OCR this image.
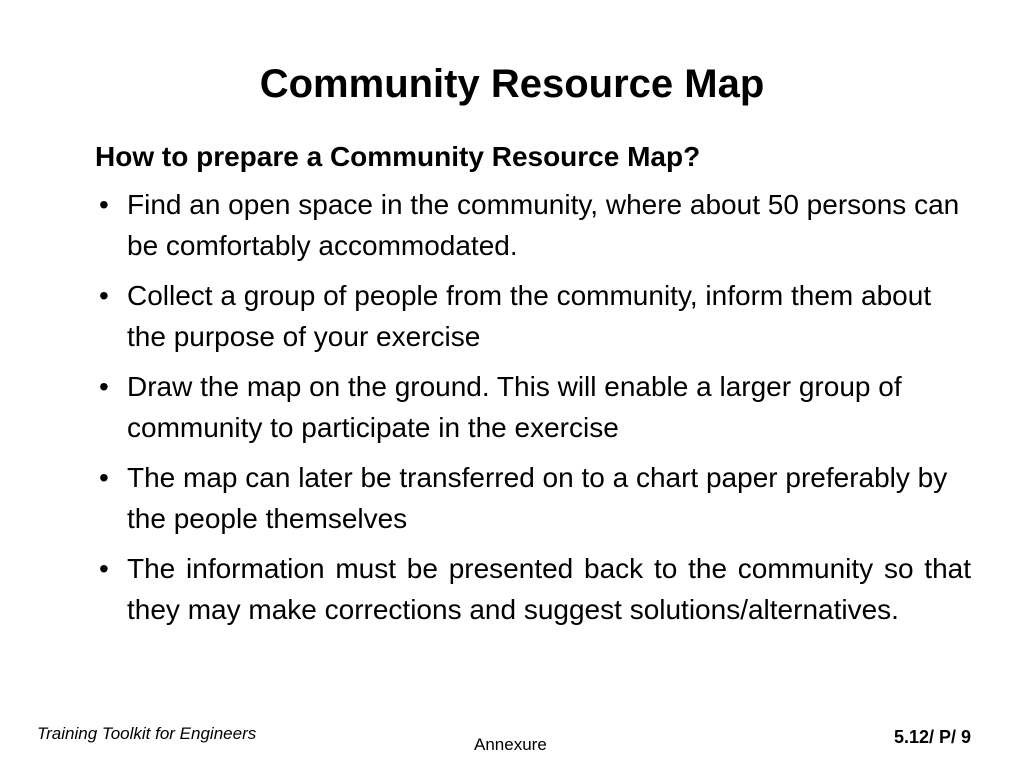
Community Resource Map

How to prepare a Community Resource Map?

• Find an open space in the community, where about 50 persons can be comfortably accommodated.
• Collect a group of people from the community, inform them about the purpose of your exercise
• Draw the map on the ground. This will enable a larger group of community to participate in the exercise
• The map can later be transferred on to a chart paper preferably by the people themselves
• The information must be presented back to the community so that they may make corrections and suggest solutions/alternatives.
Training Toolkit for Engineers
Annexure	5.12/ P/ 9
